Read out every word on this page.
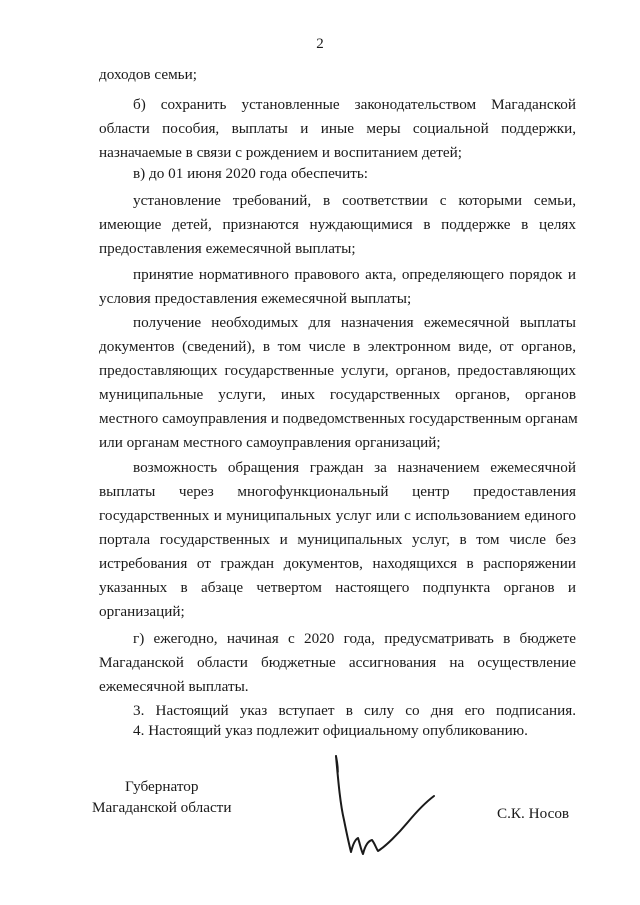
2
доходов семьи;
б) сохранить установленные законодательством Магаданской
области пособия, выплаты и иные меры социальной поддержки,
назначаемые в связи с рождением и воспитанием детей;
в) до 01 июня 2020 года обеспечить:
установление требований, в соответствии с которыми семьи,
имеющие детей, признаются нуждающимися в поддержке в целях
предоставления ежемесячной выплаты;
принятие нормативного правового акта, определяющего порядок и
условия предоставления ежемесячной выплаты;
получение необходимых для назначения ежемесячной выплаты
документов (сведений), в том числе в электронном виде, от органов,
предоставляющих государственные услуги, органов, предоставляющих
муниципальные услуги, иных государственных органов, органов
местного самоуправления и подведомственных государственным органам
или органам местного самоуправления организаций;
возможность обращения граждан за назначением ежемесячной
выплаты через многофункциональный центр предоставления
государственных и муниципальных услуг или с использованием единого
портала государственных и муниципальных услуг, в том числе без
истребования от граждан документов, находящихся в распоряжении
указанных в абзаце четвертом настоящего подпункта органов и
организаций;
г) ежегодно, начиная с 2020 года, предусматривать в бюджете
Магаданской области бюджетные ассигнования на осуществление
ежемесячной выплаты.
3. Настоящий указ вступает в силу со дня его подписания.
4. Настоящий указ подлежит официальному опубликованию.
Губернатор
Магаданской области	С.К. Носов
